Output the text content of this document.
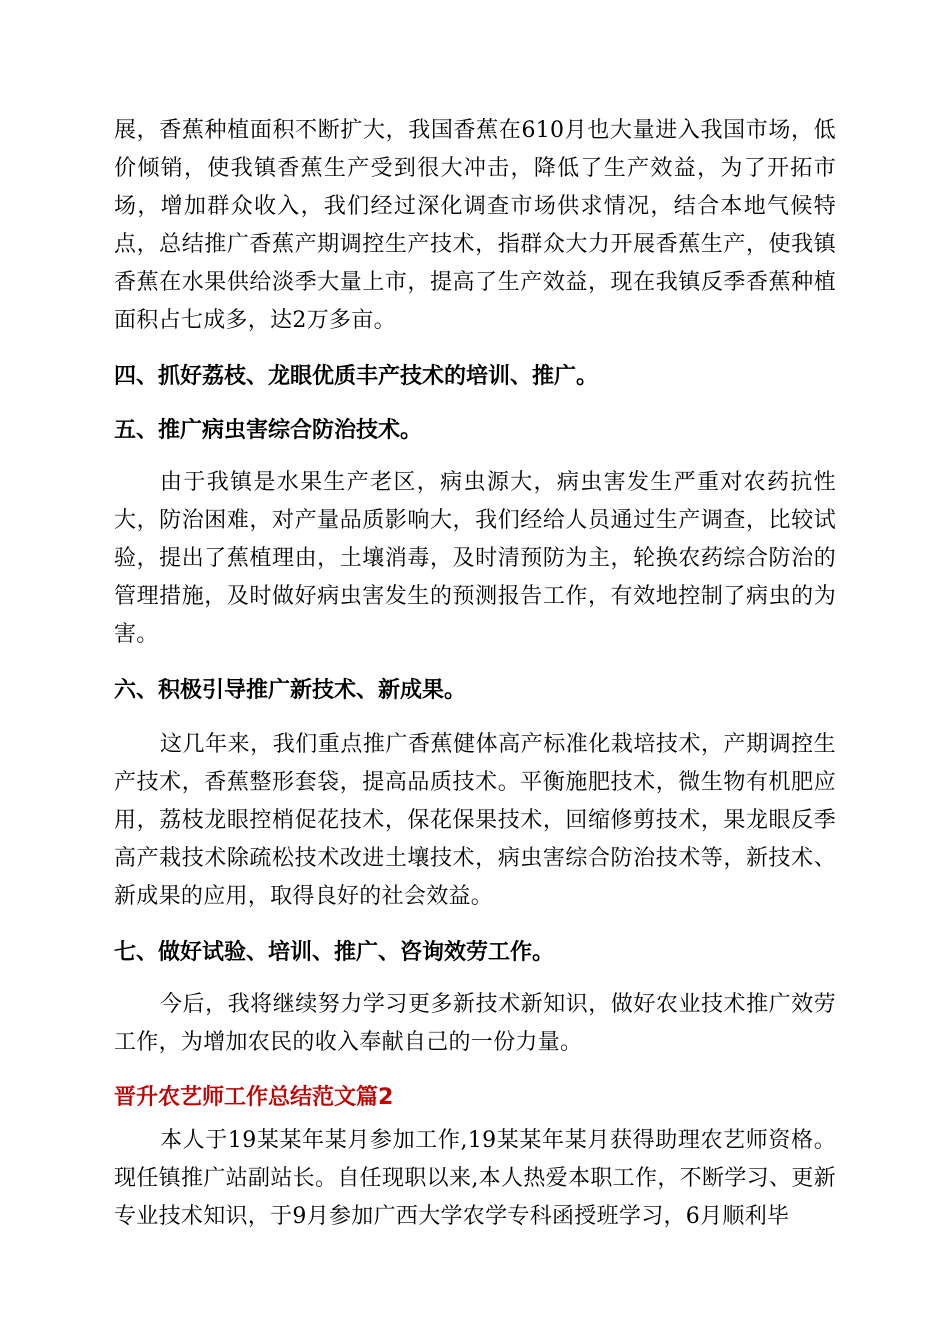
展，香蕉种植面积不断扩大，我国香蕉在610月也大量进入我国市场，低价倾销，使我镇香蕉生产受到很大冲击，降低了生产效益，为了开拓市场，增加群众收入，我们经过深化调查市场供求情况，结合本地气候特点，总结推广香蕉产期调控生产技术，指群众大力开展香蕉生产，使我镇香蕉在水果供给淡季大量上市，提高了生产效益，现在我镇反季香蕉种植面积占七成多，达2万多亩。

四、抓好荔枝、龙眼优质丰产技术的培训、推广。

五、推广病虫害综合防治技术。

由于我镇是水果生产老区，病虫源大，病虫害发生严重对农药抗性大，防治困难，对产量品质影响大，我们经给人员通过生产调查，比较试验，提出了蕉植理由，土壤消毒，及时清预防为主，轮换农药综合防治的管理措施，及时做好病虫害发生的预测报告工作，有效地控制了病虫的为害。

六、积极引导推广新技术、新成果。

这几年来，我们重点推广香蕉健体高产标准化栽培技术，产期调控生产技术，香蕉整形套袋，提高品质技术。平衡施肥技术，微生物有机肥应用，荔枝龙眼控梢促花技术，保花保果技术，回缩修剪技术，果龙眼反季高产栽技术除疏松技术改进土壤技术，病虫害综合防治技术等，新技术、新成果的应用，取得良好的社会效益。

七、做好试验、培训、推广、咨询效劳工作。

今后，我将继续努力学习更多新技术新知识，做好农业技术推广效劳工作，为增加农民的收入奉献自己的一份力量。

晋升农艺师工作总结范文篇2

本人于19某某年某月参加工作,19某某年某月获得助理农艺师资格。现任镇推广站副站长。自任现职以来,本人热爱本职工作，不断学习、更新专业技术知识，于9月参加广西大学农学专科函授班学习，6月顺利毕
